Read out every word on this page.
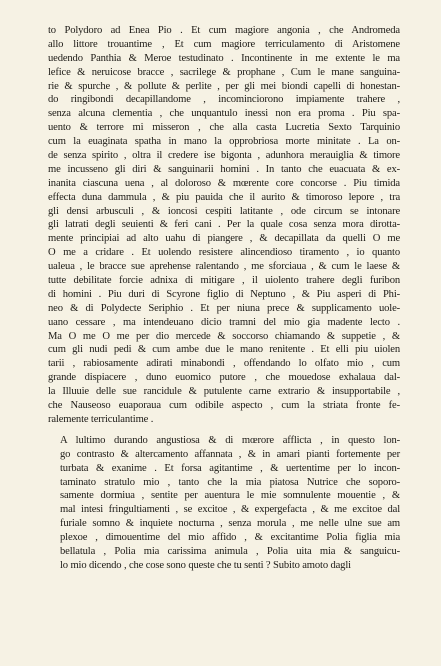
to Polydoro ad Enea Pio . Et cum magiore angonia , che Andromeda
allo littore trouantime , Et cum magiore terriculamento di Aristomene
uedendo Panthia & Meroe testudinato . Incontinente in me extente le ma
lefice & neruicose bracce , sacrilege & prophane , Cum le mane sanguina-
rie & spurche , & pollute & perlite , per gli mei biondi capelli di honestan-
do ringibondi decapillandome , incominciorono impiamente trahere ,
senza alcuna clementia , che unquantulo inessi non era proma . Piu spa-
uento & terrore mi misseron , che alla casta Lucretia Sexto Tarquinio
cum la euaginata spatha in mano la opprobriosa morte minitate . La on-
de senza spirito , oltra il credere ise bigonta , adunhora merauiglia & timore
me incusseno gli diri & sanguinarii homini . In tanto che euacuata & ex-
inanita ciascuna uena , al doloroso & mœrente core concorse . Piu timida
effecta duna dammula , & piu pauida che il aurito & timoroso lepore , tra
gli densi arbusculi , & ioncosi cespiti latitante , ode circum se intonare
gli latrati degli seuienti & feri cani . Per la quale cosa senza mora dirotta-
mente principiai ad alto uahu di piangere , & decapillata da quelli O me
O me a cridare . Et uolendo resistere alincendioso tiramento , io quanto
ualeua , le bracce sue aprehense ralentando , me sforciaua , & cum le laese &
tutte debilitate forcie adnixa di mitigare , il uiolento trahere degli furibon
di homini . Piu duri di Scyrone figlio di Neptuno , & Piu asperi di Phi-
neo & di Polydecte Seriphio . Et per niuna prece & supplicamento uole-
uano cessare , ma intendeuano dicio tramni del mio gia madente lecto .
Ma O me O me per dio mercede & soccorso chiamando & suppetie , &
cum gli nudi pedi & cum ambe due le mano renitente . Et elli piu uiolen
tarii , rabiosamente adirati minabondi , offendando lo olfato mio , cum
grande dispiacere , duno euomico putore , che mouedose exhalaua dal-
la Illuuie delle sue rancidule & putulente carne extrario & insupportabile ,
che Nauseoso euaporaua cum odibile aspecto , cum la striata fronte fe-
ralemente terriculantime .
A lultimo durando angustiosa & di mœrore afflicta , in questo lon-
go contrasto & altercamento affannata , & in amari pianti fortemente per
turbata & exanime . Et forsa agitantime , & uertentime per lo incon-
taminato stratulo mio , tanto che la mia piatosa Nutrice che soporo-
samente dormiua , sentite per auentura le mie somnulente mouentie , &
mal intesi fringultiamenti , se excitoe , & expergefacta , & me excitoe dal
furiale somno & inquiete nocturna , senza morula , me nelle ulne sue am
plexoe , dimouentime del mio affido , & excitantime Polia figlia mia
bellatula , Polia mia carissima animula , Polia uita mia & sanguicu-
lo mio dicendo , che cose sono queste che tu senti ? Subito amoto dagli
